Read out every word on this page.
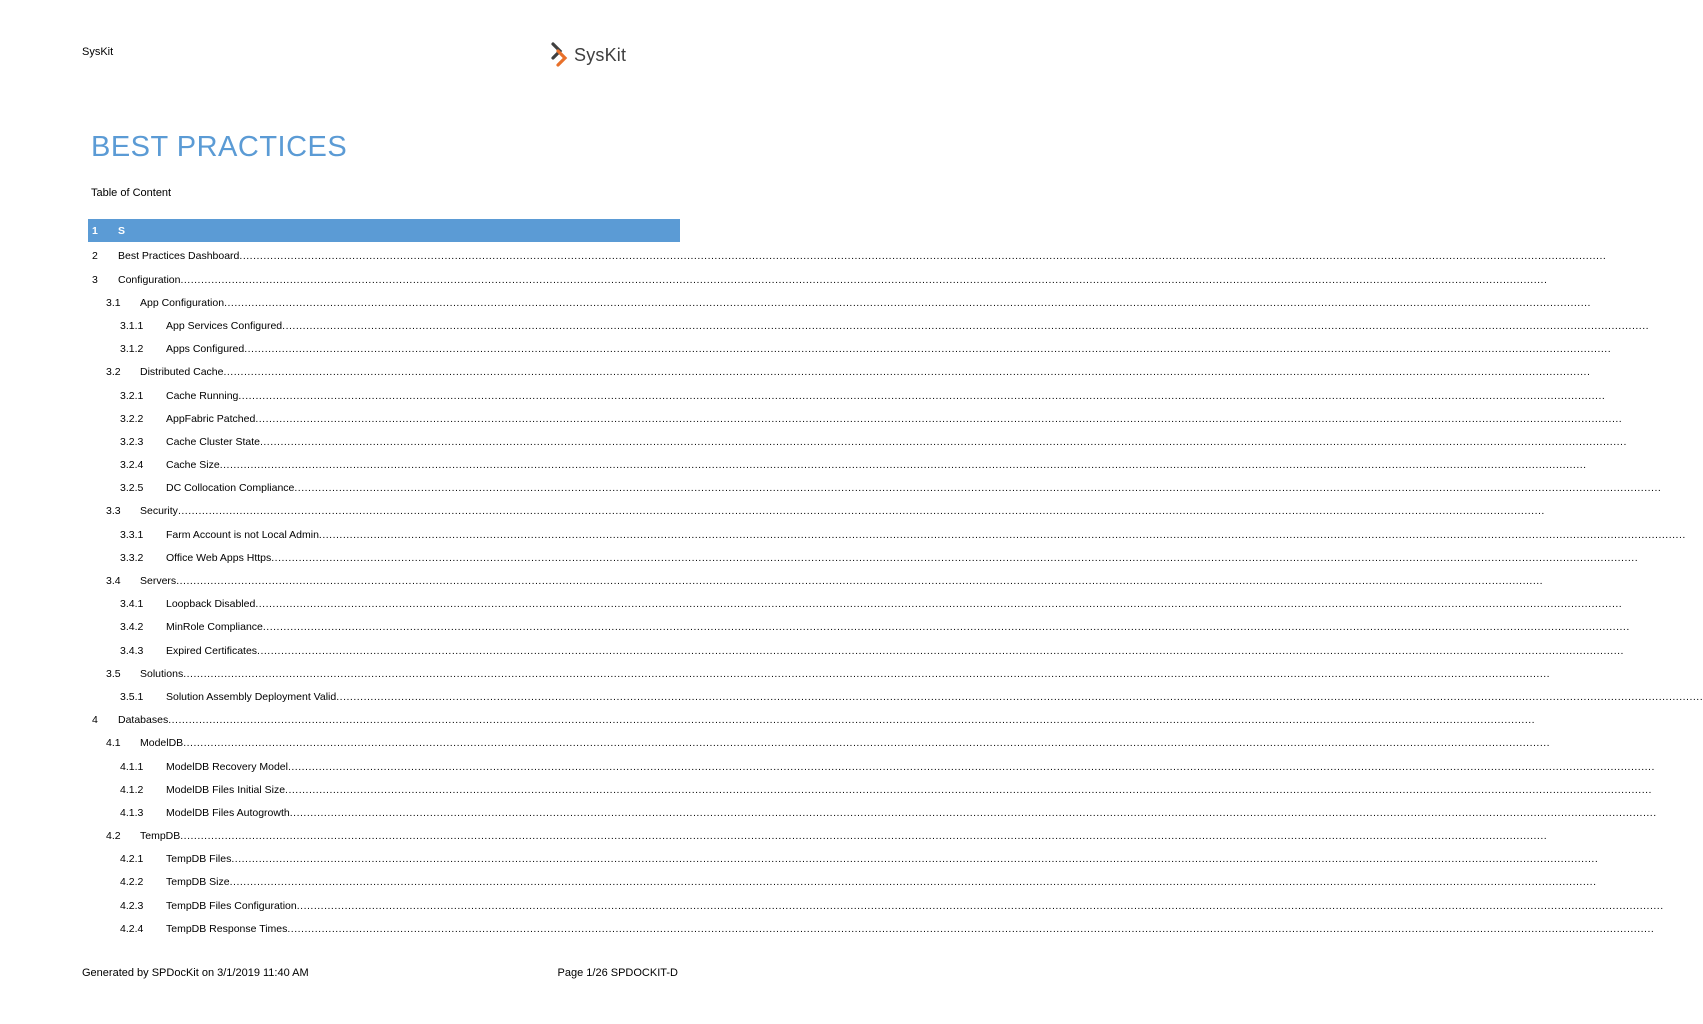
SysKit	SysKit
BEST PRACTICES
Table of Content
1	S
2	Best Practices Dashboard ................................................................................................................................................................................................................................................................................................................................................................................................................
3	Configuration ................................................................................................................................................................................................................................................................................................................................................................................................................
3.1	App Configuration ................................................................................................................................................................................................................................................................................................................................................................................................................
3.1.1	App Services Configured ................................................................................................................................................................................................................................................................................................................................................................................................................
3.1.2	Apps Configured ................................................................................................................................................................................................................................................................................................................................................................................................................
3.2	Distributed Cache ................................................................................................................................................................................................................................................................................................................................................................................................................
3.2.1	Cache Running ................................................................................................................................................................................................................................................................................................................................................................................................................
3.2.2	AppFabric Patched ................................................................................................................................................................................................................................................................................................................................................................................................................
3.2.3	Cache Cluster State ................................................................................................................................................................................................................................................................................................................................................................................................................
3.2.4	Cache Size ................................................................................................................................................................................................................................................................................................................................................................................................................
3.2.5	DC Collocation Compliance ................................................................................................................................................................................................................................................................................................................................................................................................................
3.3	Security ................................................................................................................................................................................................................................................................................................................................................................................................................
3.3.1	Farm Account is not Local Admin ................................................................................................................................................................................................................................................................................................................................................................................................................
3.3.2	Office Web Apps Https ................................................................................................................................................................................................................................................................................................................................................................................................................
3.4	Servers ................................................................................................................................................................................................................................................................................................................................................................................................................
3.4.1	Loopback Disabled ................................................................................................................................................................................................................................................................................................................................................................................................................
3.4.2	MinRole Compliance ................................................................................................................................................................................................................................................................................................................................................................................................................
3.4.3	Expired Certificates ................................................................................................................................................................................................................................................................................................................................................................................................................
3.5	Solutions ................................................................................................................................................................................................................................................................................................................................................................................................................
3.5.1	Solution Assembly Deployment Valid ................................................................................................................................................................................................................................................................................................................................................................................................................
4	Databases ................................................................................................................................................................................................................................................................................................................................................................................................................
4.1	ModelDB ................................................................................................................................................................................................................................................................................................................................................................................................................
4.1.1	ModelDB Recovery Model ................................................................................................................................................................................................................................................................................................................................................................................................................
4.1.2	ModelDB Files Initial Size ................................................................................................................................................................................................................................................................................................................................................................................................................
4.1.3	ModelDB Files Autogrowth ................................................................................................................................................................................................................................................................................................................................................................................................................
4.2	TempDB ................................................................................................................................................................................................................................................................................................................................................................................................................
4.2.1	TempDB Files ................................................................................................................................................................................................................................................................................................................................................................................................................
4.2.2	TempDB Size ................................................................................................................................................................................................................................................................................................................................................................................................................
4.2.3	TempDB Files Configuration ................................................................................................................................................................................................................................................................................................................................................................................................................
4.2.4	TempDB Response Times ................................................................................................................................................................................................................................................................................................................................................................................................................
Generated by SPDocKit on 3/1/2019 11:40 AM	Page 1/26 SPDOCKIT-D
